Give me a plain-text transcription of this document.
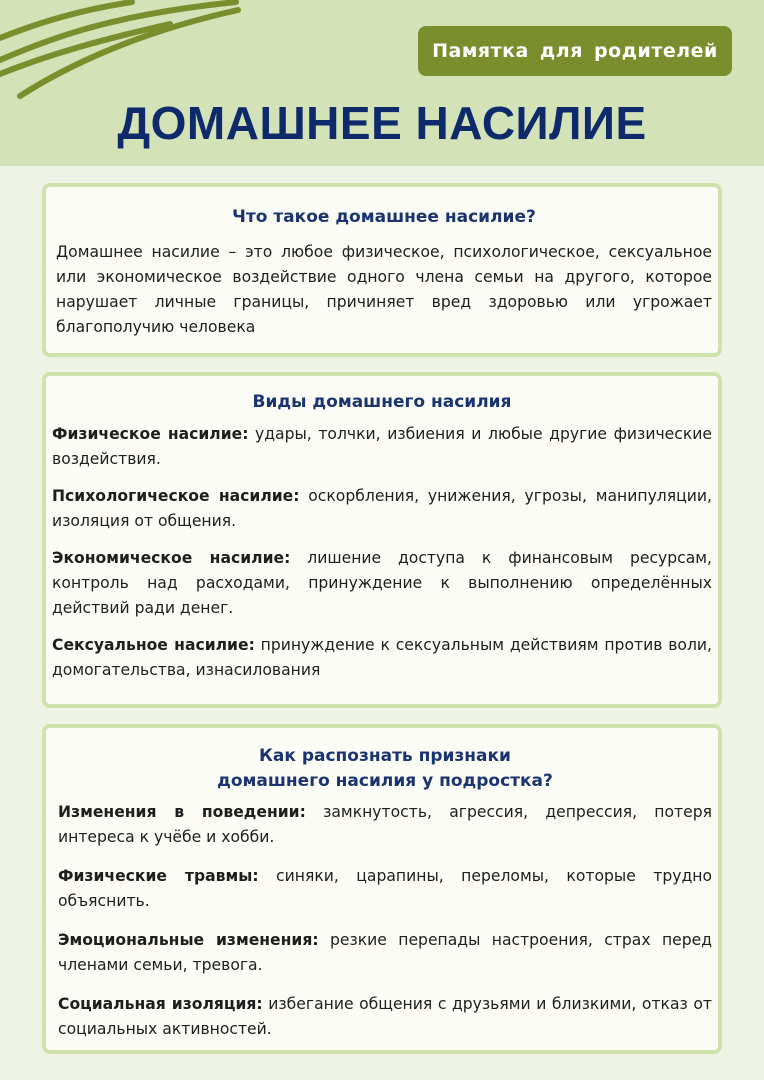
Памятка для родителей
ДОМАШНЕЕ НАСИЛИЕ
Что такое домашнее насилие?

Домашнее насилие – это любое физическое, психологическое, сексуальное или экономическое воздействие одного члена семьи на другого, которое нарушает личные границы, причиняет вред здоровью или угрожает благополучию человека

Виды домашнего насилия

Физическое насилие: удары, толчки, избиения и любые другие физические воздействия.

Психологическое насилие: оскорбления, унижения, угрозы, манипуляции, изоляция от общения.

Экономическое насилие: лишение доступа к финансовым ресурсам, контроль над расходами, принуждение к выполнению определённых действий ради денег.

Сексуальное насилие: принуждение к сексуальным действиям против воли, домогательства, изнасилования

Как распознать признаки
домашнего насилия у подростка?

Изменения в поведении: замкнутость, агрессия, депрессия, потеря интереса к учёбе и хобби.

Физические травмы: синяки, царапины, переломы, которые трудно объяснить.

Эмоциональные изменения: резкие перепады настроения, страх перед членами семьи, тревога.

Социальная изоляция: избегание общения с друзьями и близкими, отказ от социальных активностей.
